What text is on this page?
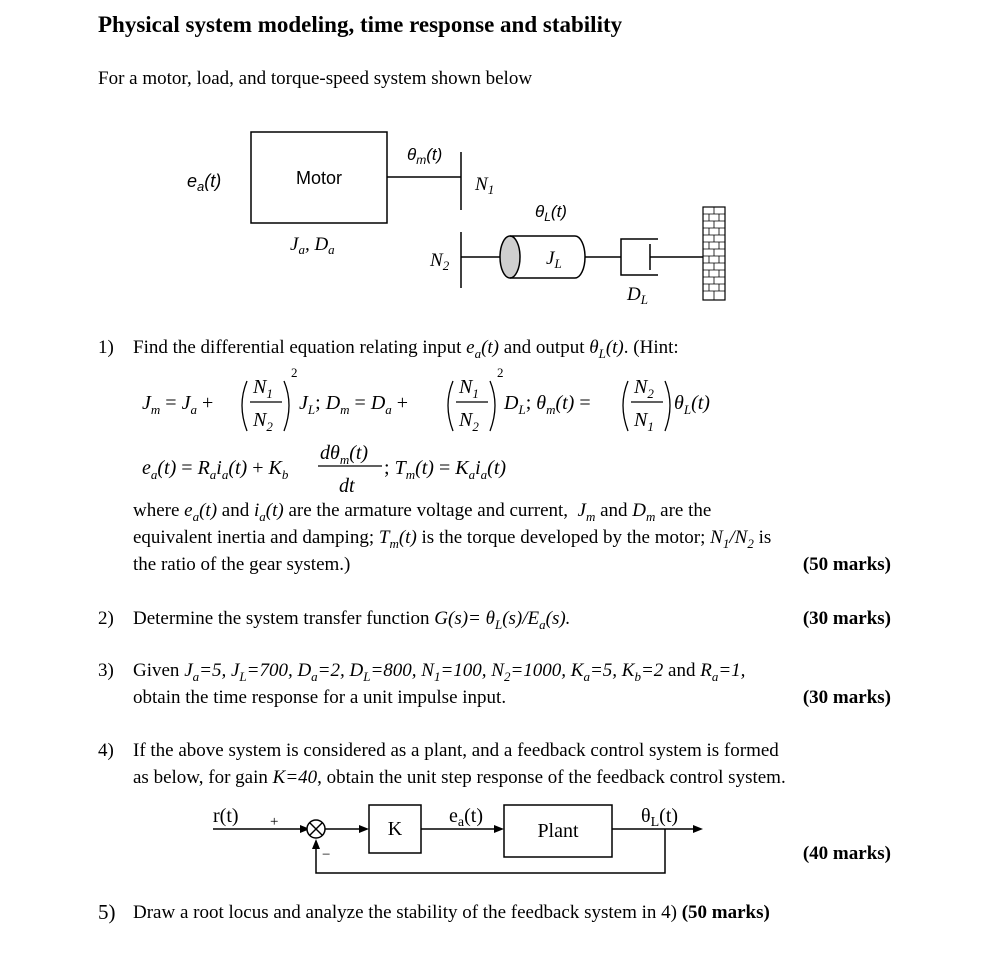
Physical system modeling, time response and stability
For a motor, load, and torque-speed system shown below
$e_a(t)$	Motor
$\theta_m(t)$
$N_1$
$J_a$, $D_a$
$\theta_L(t)$
$N_2$	$J_L$
$D_L$
1) Find the differential equation relating input $e_a(t)$ and output $\theta_L(t)$. (Hint:
$J_m = J_a$ +
$N_1$
$N_2$
2
$J_L$; $D_m = D_a$ +
$N_1$
$N_2$
2
$D_L$; $\theta_m(t)$ =
$N_2$
$N_1$
$\theta_L(t)$
$e_a(t) = R_ai_a(t) + K_b$
$d\theta_m(t)$
dt
; $T_m(t) = K_ai_a(t)$
where $e_a(t)$ and $i_a(t)$ are the armature voltage and current,  $J_m$ and $D_m$ are the
equivalent inertia and damping; $T_m(t)$ is the torque developed by the motor; $N_1/N_2$ is
the ratio of the gear system.)	(50 marks)
2) Determine the system transfer function $G(s)= \theta_L(s)/E_a(s)$.	(30 marks)
3) Given $J_a=5$, $J_L=700$, $D_a=2$, $D_L=800$, $N_1=100$, $N_2=1000$, $K_a=5$, $K_b=2$ and $R_a=1$,
obtain the time response for a unit impulse input.	(30 marks)
4) If the above system is considered as a plant, and a feedback control system is formed
as below, for gain K=40, obtain the unit step response of the feedback control system.
r(t) +
−
K
$e_a(t)$
Plant
$\theta_L(t)$
(40 marks)
5) Draw a root locus and analyze the stability of the feedback system in 4) (50 marks)
